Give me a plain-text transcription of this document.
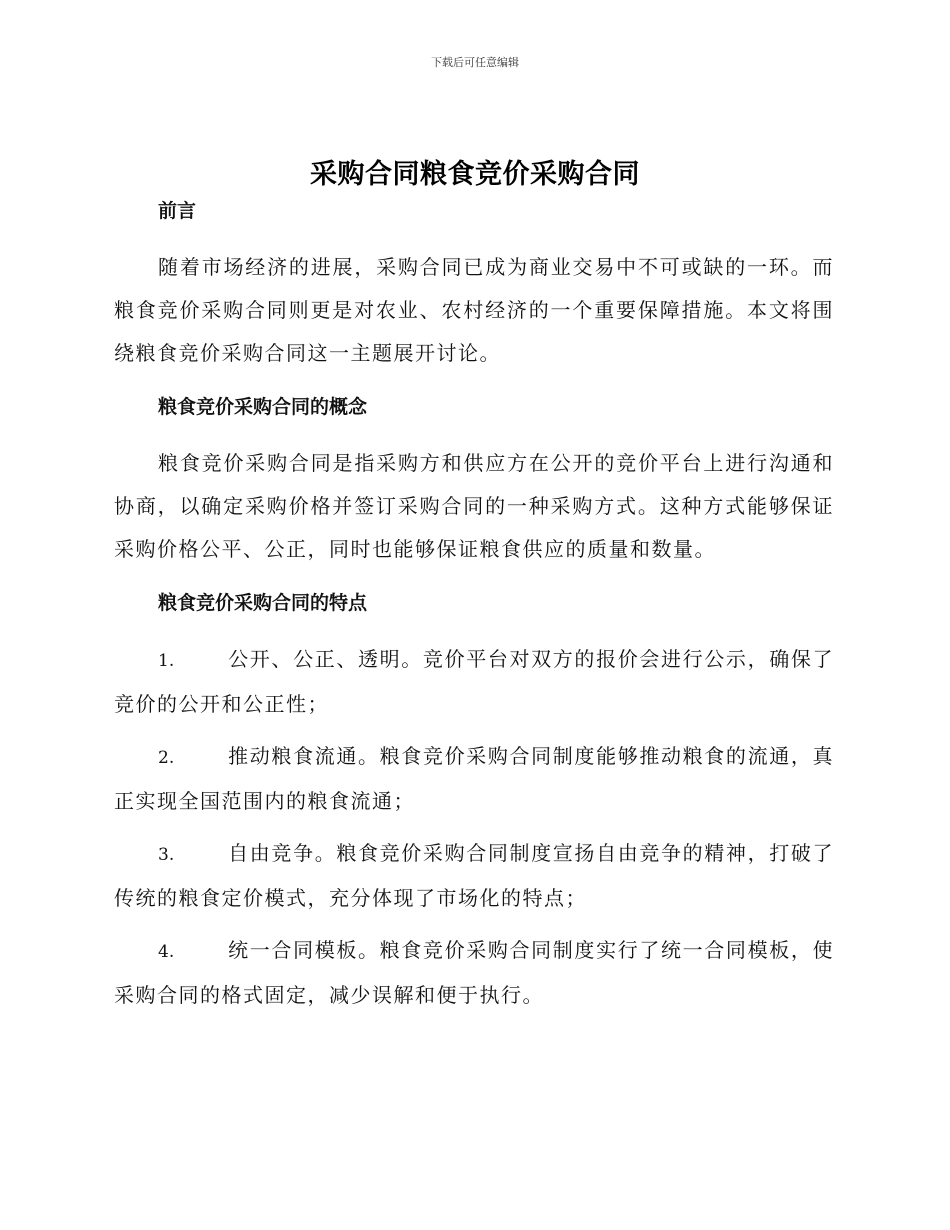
下载后可任意编辑
采购合同粮食竞价采购合同
前言

随着市场经济的进展，采购合同已成为商业交易中不可或缺的一环。而粮食竞价采购合同则更是对农业、农村经济的一个重要保障措施。本文将围绕粮食竞价采购合同这一主题展开讨论。

粮食竞价采购合同的概念

粮食竞价采购合同是指采购方和供应方在公开的竞价平台上进行沟通和协商，以确定采购价格并签订采购合同的一种采购方式。这种方式能够保证采购价格公平、公正，同时也能够保证粮食供应的质量和数量。

粮食竞价采购合同的特点

1.	公开、公正、透明。竞价平台对双方的报价会进行公示，确保了竞价的公开和公正性；

2.	推动粮食流通。粮食竞价采购合同制度能够推动粮食的流通，真正实现全国范围内的粮食流通；

3.	自由竞争。粮食竞价采购合同制度宣扬自由竞争的精神，打破了传统的粮食定价模式，充分体现了市场化的特点；

4.	统一合同模板。粮食竞价采购合同制度实行了统一合同模板，使采购合同的格式固定，减少误解和便于执行。
